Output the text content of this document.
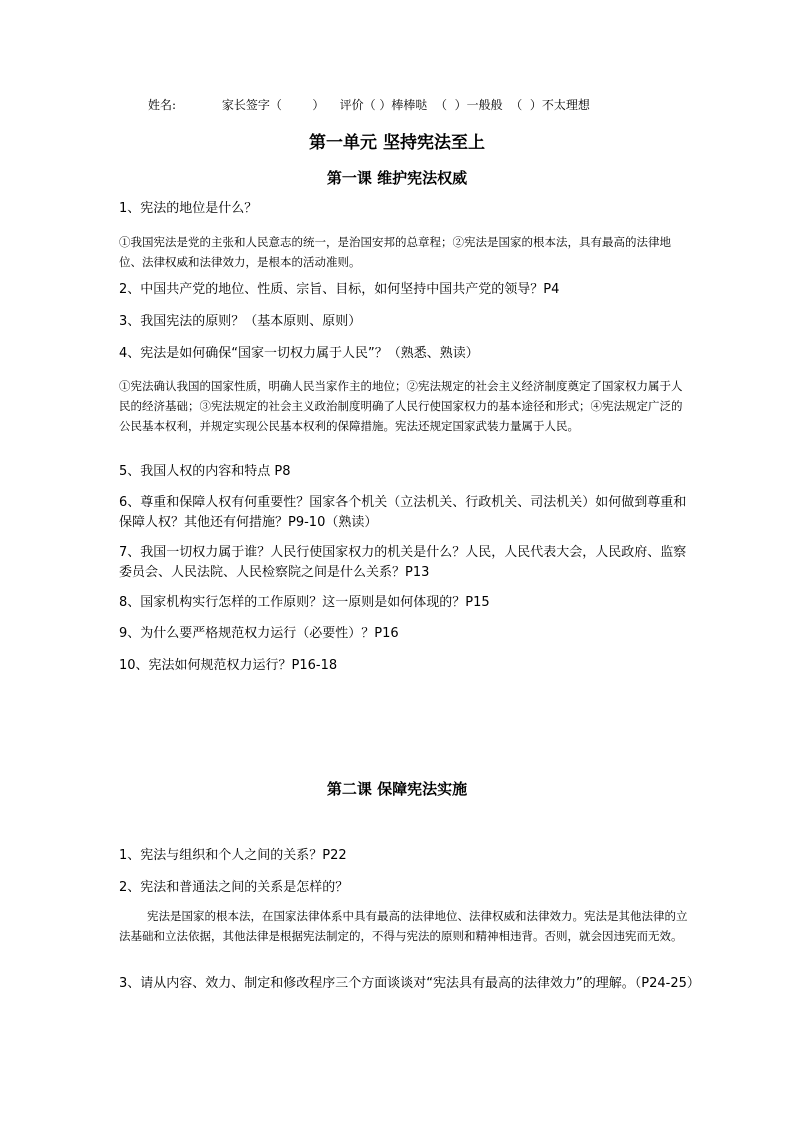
姓名:            家长签字（        ）    评价（ ）棒棒哒  （  ）一般般  （  ）不太理想
第一单元 坚持宪法至上
第一课 维护宪法权威
1、宪法的地位是什么？
①我国宪法是党的主张和人民意志的统一，是治国安邦的总章程；②宪法是国家的根本法，具有最高的法律地位、法律权威和法律效力，是根本的活动准则。
2、中国共产党的地位、性质、宗旨、目标，如何坚持中国共产党的领导？P4
3、我国宪法的原则？（基本原则、原则）
4、宪法是如何确保“国家一切权力属于人民”？（熟悉、熟读）
①宪法确认我国的国家性质，明确人民当家作主的地位；②宪法规定的社会主义经济制度奠定了国家权力属于人民的经济基础；③宪法规定的社会主义政治制度明确了人民行使国家权力的基本途径和形式；④宪法规定广泛的公民基本权利，并规定实现公民基本权利的保障措施。宪法还规定国家武装力量属于人民。
5、我国人权的内容和特点 P8
6、尊重和保障人权有何重要性？国家各个机关（立法机关、行政机关、司法机关）如何做到尊重和保障人权？其他还有何措施？P9-10（熟读）
7、我国一切权力属于谁？人民行使国家权力的机关是什么？人民，人民代表大会，人民政府、监察委员会、人民法院、人民检察院之间是什么关系？P13
8、国家机构实行怎样的工作原则？这一原则是如何体现的？P15
9、为什么要严格规范权力运行（必要性）？P16
10、宪法如何规范权力运行？P16-18
第二课 保障宪法实施
1、宪法与组织和个人之间的关系？P22
2、宪法和普通法之间的关系是怎样的？
宪法是国家的根本法，在国家法律体系中具有最高的法律地位、法律权威和法律效力。宪法是其他法律的立法基础和立法依据，其他法律是根据宪法制定的，不得与宪法的原则和精神相违背。否则，就会因违宪而无效。
3、请从内容、效力、制定和修改程序三个方面谈谈对“宪法具有最高的法律效力”的理解。（P24-25）
